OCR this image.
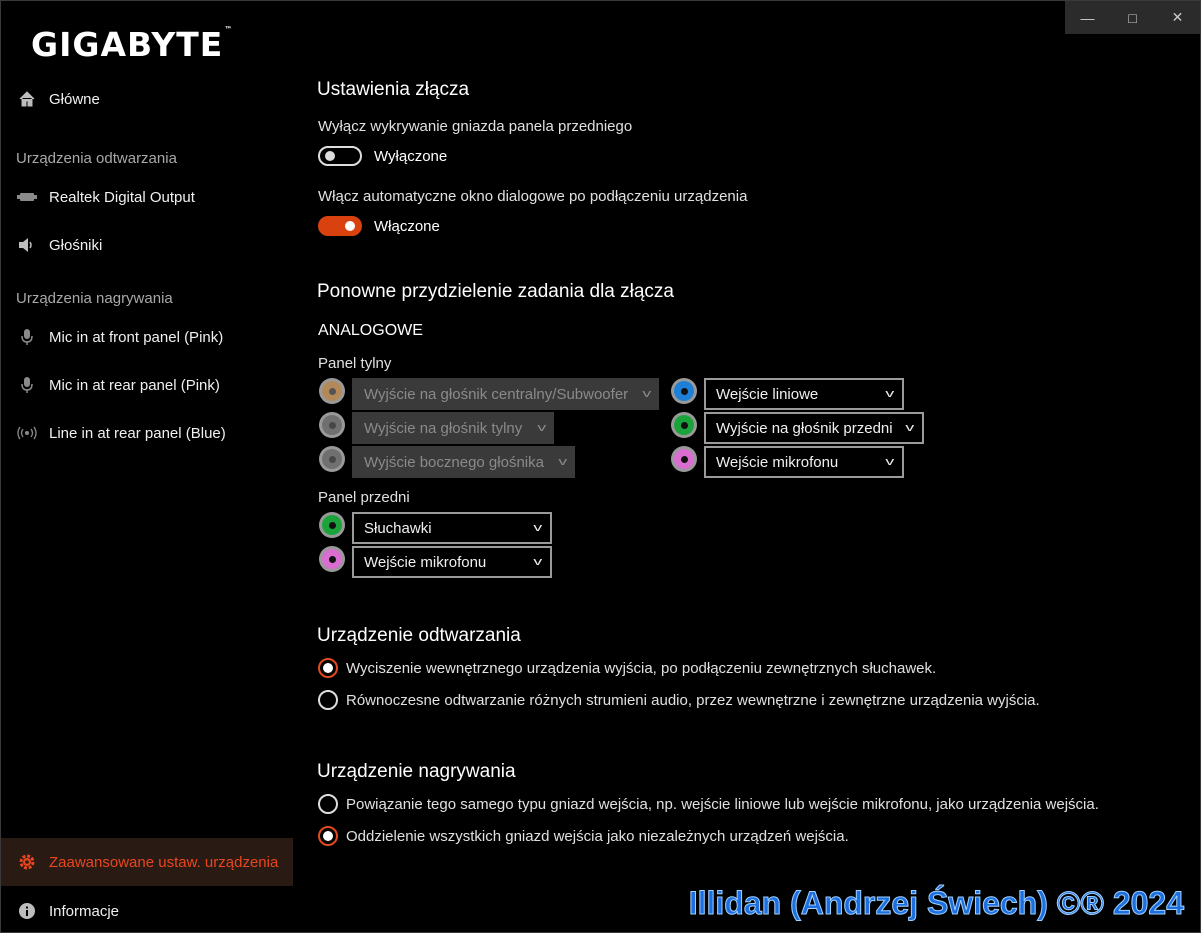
—	□	✕
GIGABYTE™
Główne
Urządzenia odtwarzania
Realtek Digital Output
Głośniki
Urządzenia nagrywania
Mic in at front panel (Pink)
Mic in at rear panel (Pink)
Line in at rear panel (Blue)
Zaawansowane ustaw. urządzenia
Informacje
Ustawienia złącza
Wyłącz wykrywanie gniazda panela przedniego
Wyłączone
Włącz automatyczne okno dialogowe po podłączeniu urządzenia
Włączone
Ponowne przydzielenie zadania dla złącza
ANALOGOWE
Panel tylny
Wyjście na głośnik centralny/Subwoofer v
Wyjście na głośnik tylny v
Wyjście bocznego głośnika v
Wejście liniowe	v
Wyjście na głośnik przedni v
Wejście mikrofonu	v
Panel przedni
Słuchawki	v
Wejście mikrofonu	v
Urządzenie odtwarzania
Wyciszenie wewnętrznego urządzenia wyjścia, po podłączeniu zewnętrznych słuchawek.
Równoczesne odtwarzanie różnych strumieni audio, przez wewnętrzne i zewnętrzne urządzenia wyjścia.
Urządzenie nagrywania
Powiązanie tego samego typu gniazd wejścia, np. wejście liniowe lub wejście mikrofonu, jako urządzenia wejścia.
Oddzielenie wszystkich gniazd wejścia jako niezależnych urządzeń wejścia.
Illidan (Andrzej Świech) ©® 2024
